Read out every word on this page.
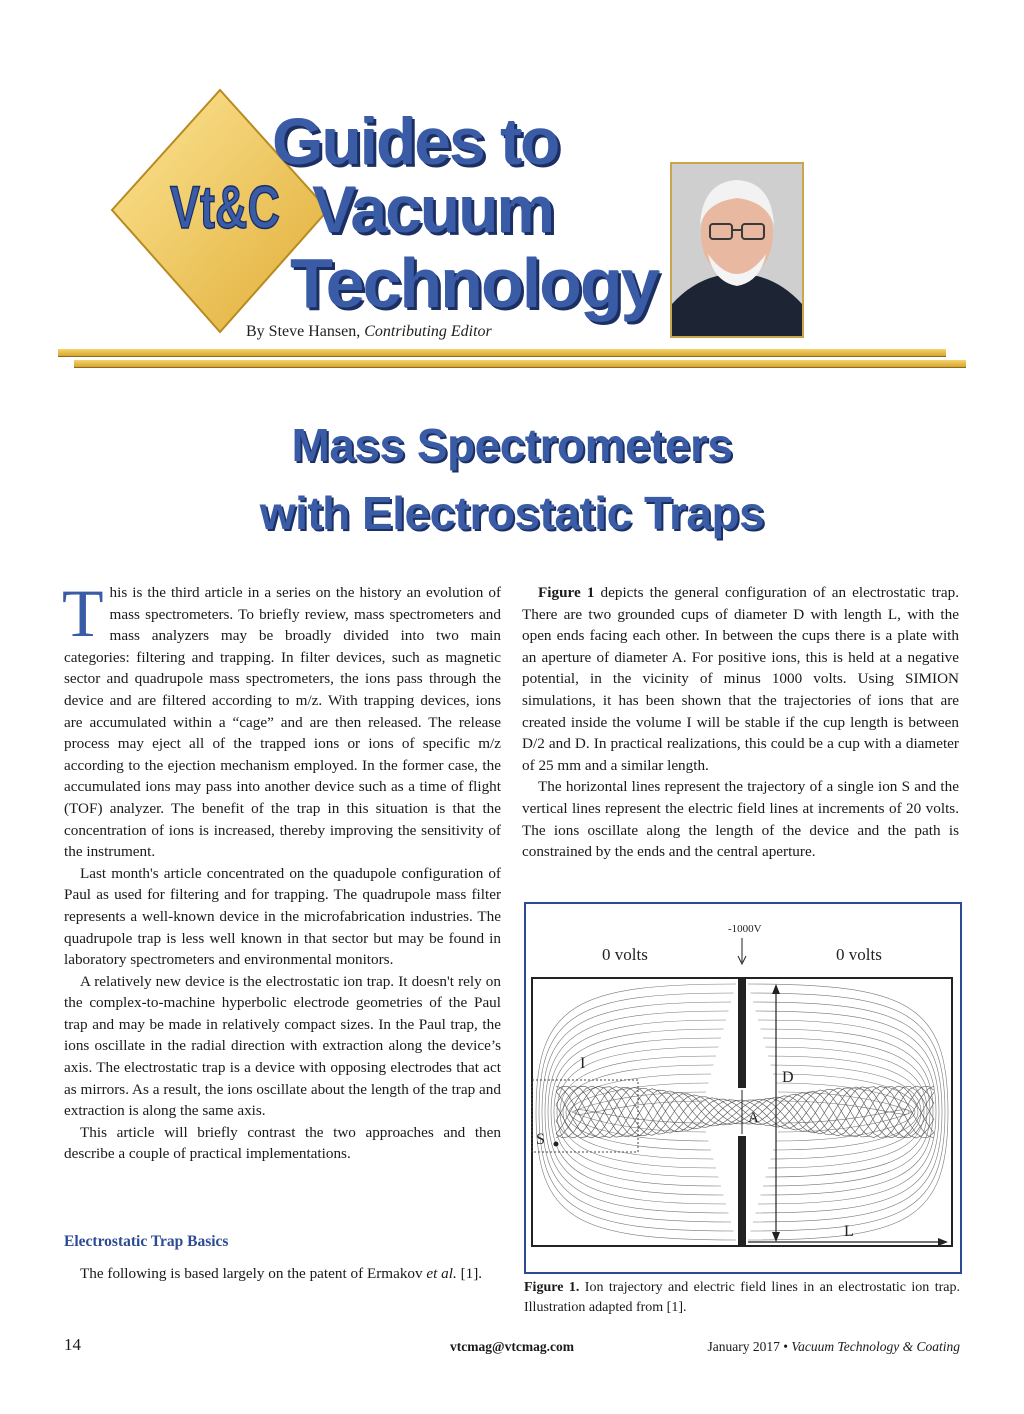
Vt&C
Guides to
Vacuum
Technology
By Steve Hansen, Contributing Editor
Mass Spectrometers
with Electrostatic Traps

This is the third article in a series on the history an evolution of mass spectrometers. To briefly review, mass spectrometers and mass analyzers may be broadly divided into two main categories: filtering and trapping. In filter devices, such as magnetic sector and quadrupole mass spectrometers, the ions pass through the device and are filtered according to m/z. With trapping devices, ions are accumulated within a “cage” and are then released. The release process may eject all of the trapped ions or ions of specific m/z according to the ejection mechanism employed. In the former case, the accumulated ions may pass into another device such as a time of flight (TOF) analyzer. The benefit of the trap in this situation is that the concentration of ions is increased, thereby improving the sensitivity of the instrument.

Last month's article concentrated on the quadupole configuration of Paul as used for filtering and for trapping. The quadrupole mass filter represents a well-known device in the microfabrication industries. The quadrupole trap is less well known in that sector but may be found in laboratory spectrometers and environmental monitors.

A relatively new device is the electrostatic ion trap. It doesn't rely on the complex-to-machine hyperbolic electrode geometries of the Paul trap and may be made in relatively compact sizes. In the Paul trap, the ions oscillate in the radial direction with extraction along the device’s axis. The electrostatic trap is a device with opposing electrodes that act as mirrors. As a result, the ions oscillate about the length of the trap and extraction is along the same axis.

This article will briefly contrast the two approaches and then describe a couple of practical implementations.

Electrostatic Trap Basics

The following is based largely on the patent of Ermakov et al. [1].

Figure 1 depicts the general configuration of an electrostatic trap. There are two grounded cups of diameter D with length L, with the open ends facing each other. In between the cups there is a plate with an aperture of diameter A. For positive ions, this is held at a negative potential, in the vicinity of minus 1000 volts. Using SIMION simulations, it has been shown that the trajectories of ions that are created inside the volume I will be stable if the cup length is between D/2 and D. In practical realizations, this could be a cup with a diameter of 25 mm and a similar length.

The horizontal lines represent the trajectory of a single ion S and the vertical lines represent the electric field lines at increments of 20 volts. The ions oscillate along the length of the device and the path is constrained by the ends and the central aperture.

0 volts	0 volts
-1000V
I
S
D
A
L
Figure 1. Ion trajectory and electric field lines in an electrostatic ion trap. Illustration adapted from [1].
14	vtcmag@vtcmag.com	January 2017 • Vacuum Technology & Coating
